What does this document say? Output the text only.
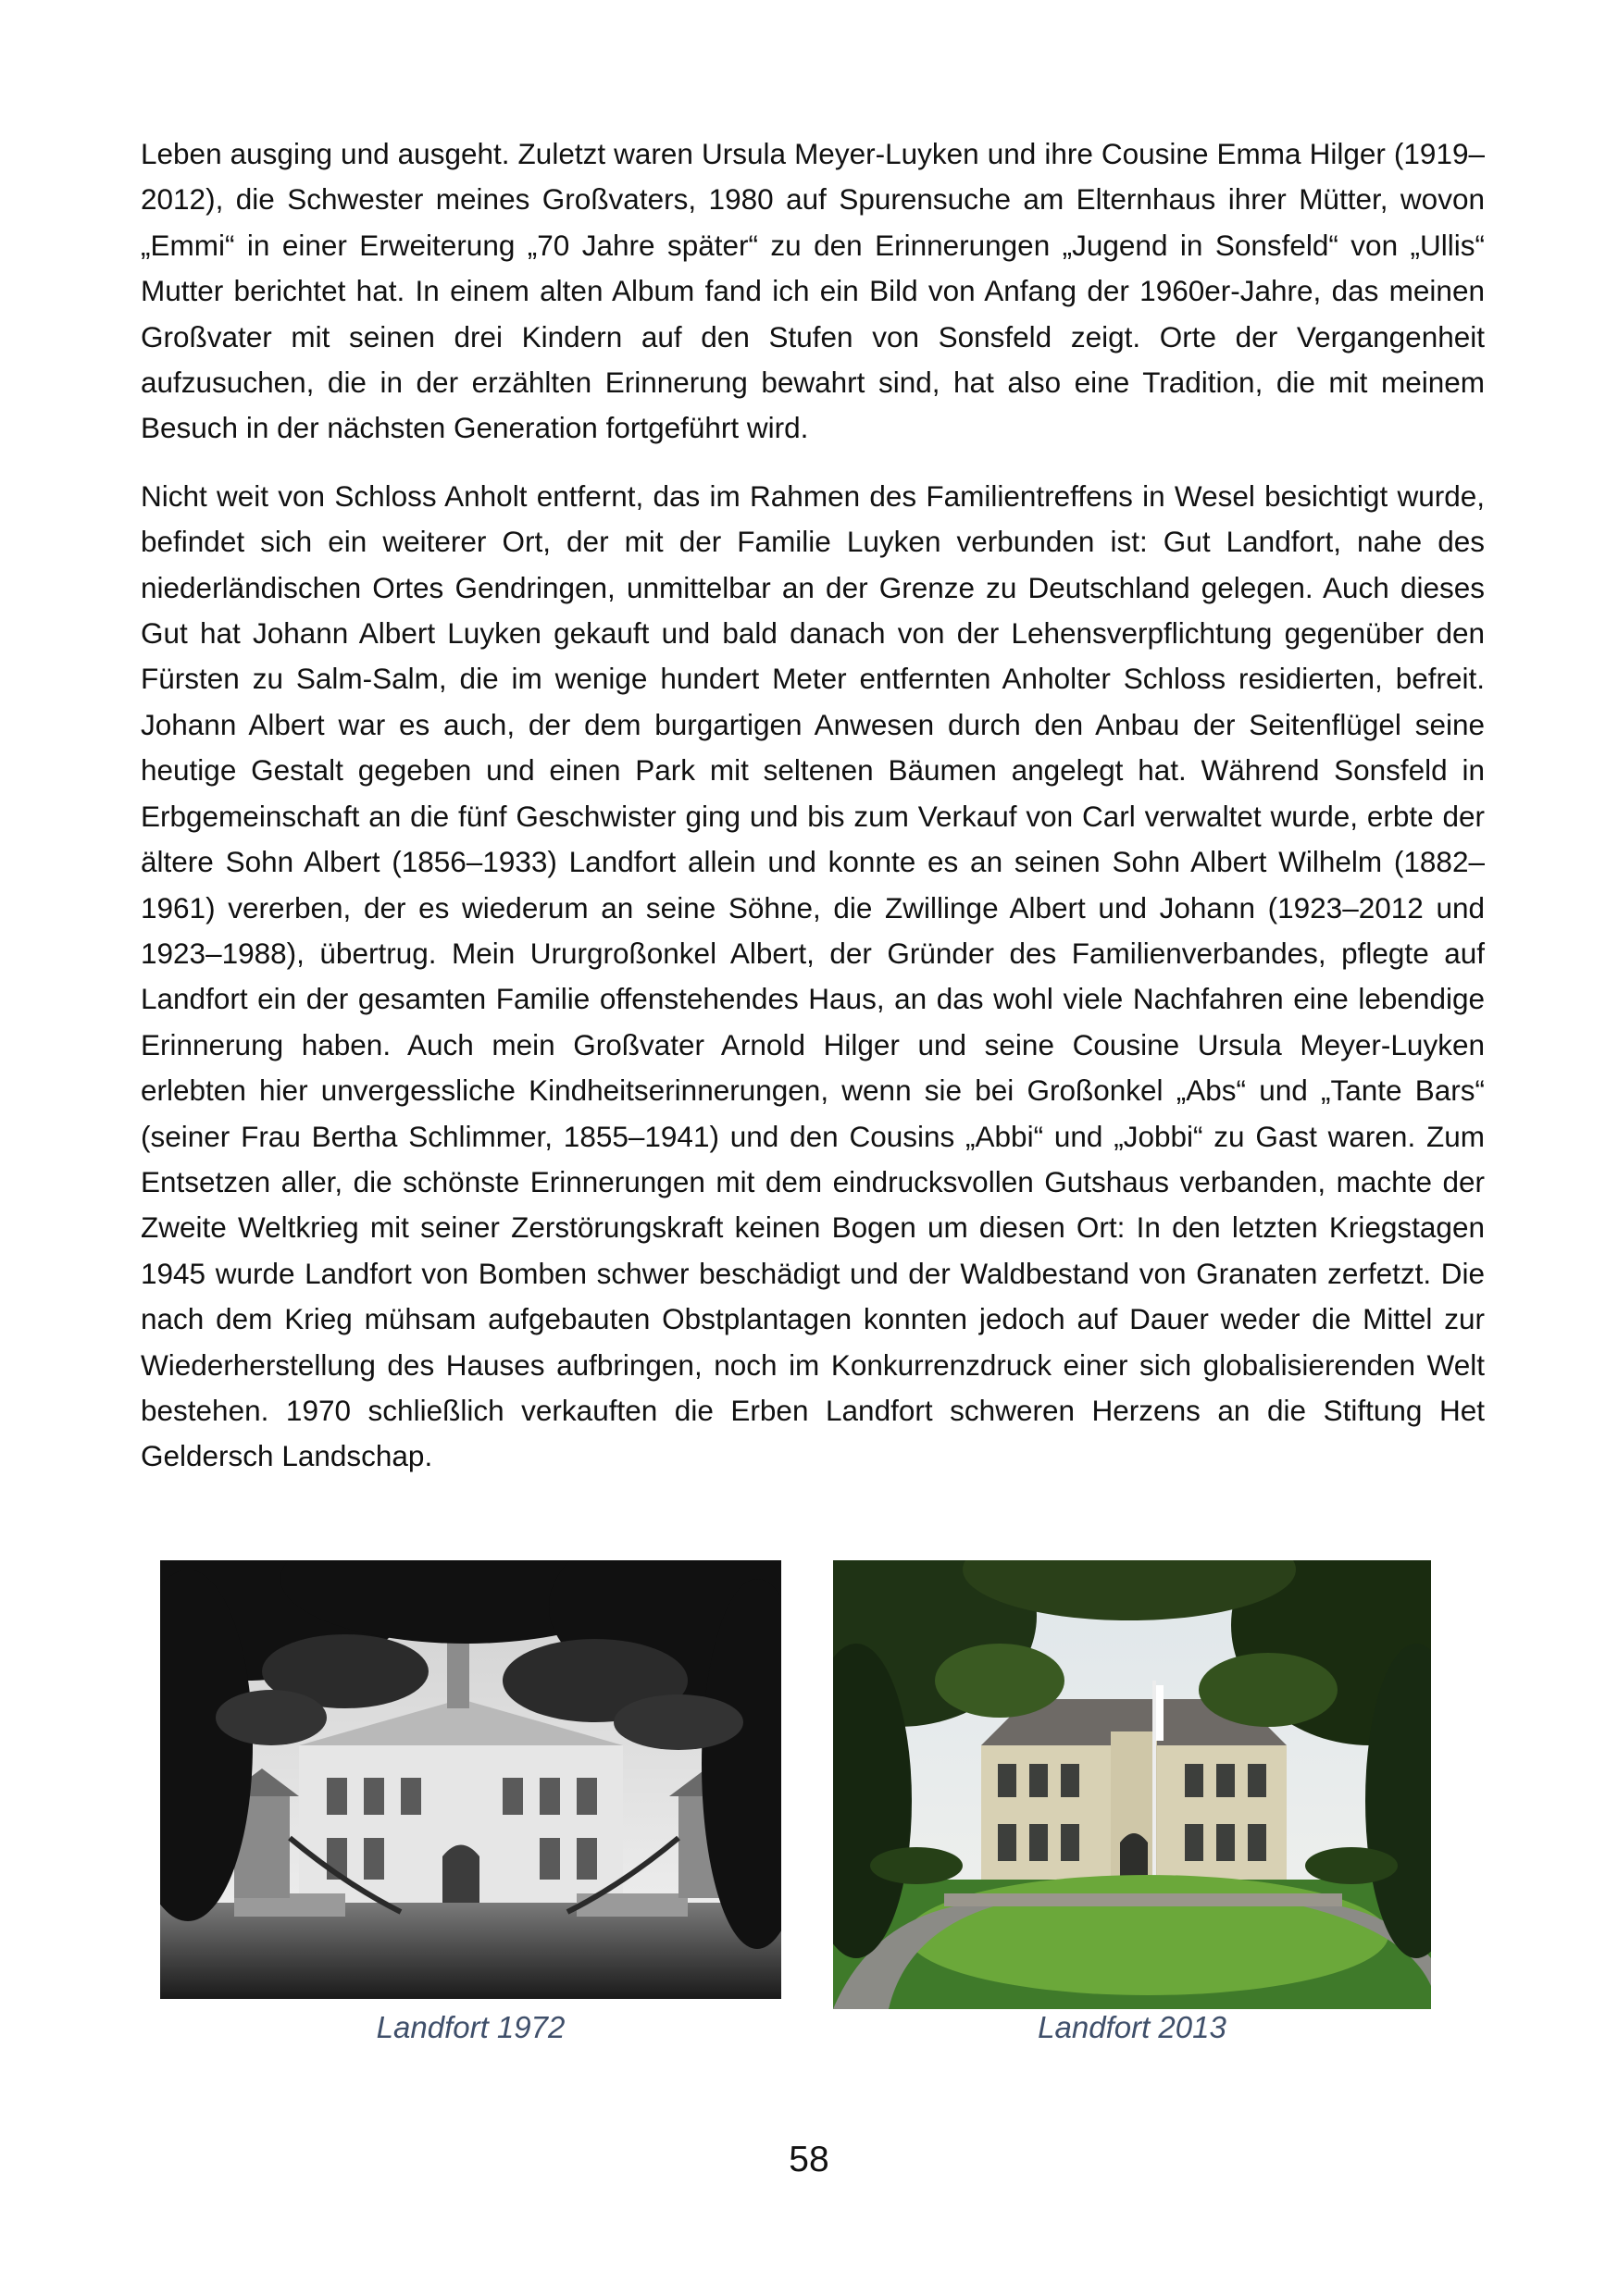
Leben ausging und ausgeht. Zuletzt waren Ursula Meyer-Luyken und ihre Cousine Emma Hilger (1919–2012), die Schwester meines Großvaters, 1980 auf Spurensuche am Elternhaus ihrer Mütter, wovon „Emmi“ in einer Erweiterung „70 Jahre später“ zu den Erinnerungen „Jugend in Sonsfeld“ von „Ullis“ Mutter berichtet hat. In einem alten Album fand ich ein Bild von Anfang der 1960er-Jahre, das meinen Großvater mit seinen drei Kindern auf den Stufen von Sonsfeld zeigt. Orte der Vergangenheit aufzusuchen, die in der erzählten Erinnerung bewahrt sind, hat also eine Tradition, die mit meinem Besuch in der nächsten Generation fortgeführt wird.

Nicht weit von Schloss Anholt entfernt, das im Rahmen des Familientreffens in Wesel besichtigt wurde, befindet sich ein weiterer Ort, der mit der Familie Luyken verbunden ist: Gut Landfort, nahe des niederländischen Ortes Gendringen, unmittelbar an der Grenze zu Deutschland gelegen. Auch dieses Gut hat Johann Albert Luyken gekauft und bald danach von der Lehensverpflichtung gegenüber den Fürsten zu Salm-Salm, die im wenige hundert Meter entfernten Anholter Schloss residierten, befreit. Johann Albert war es auch, der dem burgartigen Anwesen durch den Anbau der Seitenflügel seine heutige Gestalt gegeben und einen Park mit seltenen Bäumen angelegt hat. Während Sonsfeld in Erbgemeinschaft an die fünf Geschwister ging und bis zum Verkauf von Carl verwaltet wurde, erbte der ältere Sohn Albert (1856–1933) Landfort allein und konnte es an seinen Sohn Albert Wilhelm (1882–1961) vererben, der es wiederum an seine Söhne, die Zwillinge Albert und Johann (1923–2012 und 1923–1988), übertrug. Mein Ururgroßonkel Albert, der Gründer des Familienverbandes, pflegte auf Landfort ein der gesamten Familie offenstehendes Haus, an das wohl viele Nachfahren eine lebendige Erinnerung haben. Auch mein Großvater Arnold Hilger und seine Cousine Ursula Meyer-Luyken erlebten hier unvergessliche Kindheitserinnerungen, wenn sie bei Großonkel „Abs“ und „Tante Bars“ (seiner Frau Bertha Schlimmer, 1855–1941) und den Cousins „Abbi“ und „Jobbi“ zu Gast waren. Zum Entsetzen aller, die schönste Erinnerungen mit dem eindrucksvollen Gutshaus verbanden, machte der Zweite Weltkrieg mit seiner Zerstörungskraft keinen Bogen um diesen Ort: In den letzten Kriegstagen 1945 wurde Landfort von Bomben schwer beschädigt und der Waldbestand von Granaten zerfetzt. Die nach dem Krieg mühsam aufgebauten Obstplantagen konnten jedoch auf Dauer weder die Mittel zur Wiederherstellung des Hauses aufbringen, noch im Konkurrenzdruck einer sich globalisierenden Welt bestehen. 1970 schließlich verkauften die Erben Landfort schweren Herzens an die Stiftung Het Geldersch Landschap.

Landfort 1972	Landfort 2013
58
